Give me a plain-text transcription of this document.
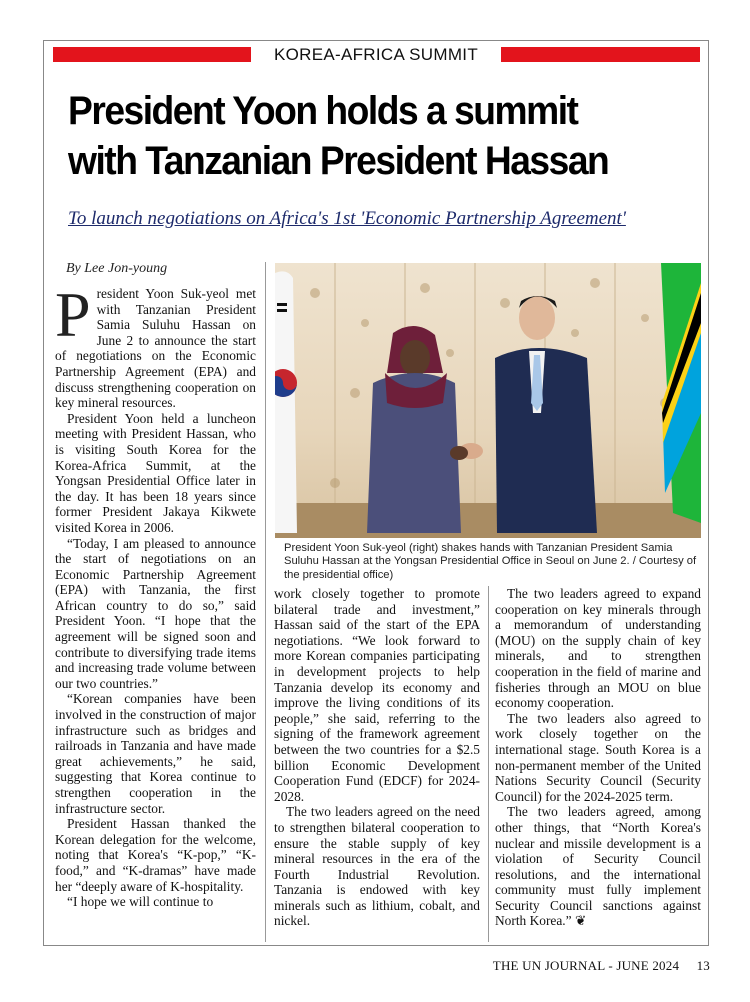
KOREA-AFRICA SUMMIT
President Yoon holds a summit
with Tanzanian President Hassan
To launch negotiations on Africa's 1st 'Economic Partnership Agreement'
By Lee Jon-young

President Yoon Suk-yeol met with Tanzanian President Samia Suluhu Hassan on June 2 to announce the start of negotiations on the Economic Partnership Agreement (EPA) and discuss strengthening cooperation on key mineral resources.

President Yoon held a luncheon meeting with President Hassan, who is visiting South Korea for the Korea-Africa Summit, at the Yongsan Presidential Office later in the day. It has been 18 years since former President Jakaya Kikwete visited Korea in 2006.

“Today, I am pleased to announce the start of negotiations on an Economic Partnership Agreement (EPA) with Tanzania, the first African country to do so,” said President Yoon. “I hope that the agreement will be signed soon and contribute to diversifying trade items and increasing trade volume between our two countries.”

“Korean companies have been involved in the construction of major infrastructure such as bridges and railroads in Tanzania and have made great achievements,” he said, suggesting that Korea continue to strengthen cooperation in the infrastructure sector.

President Hassan thanked the Korean delegation for the welcome, noting that Korea's “K-pop,” “K-food,” and “K-dramas” have made her “deeply aware of K-hospitality.

“I hope we will continue to

President Yoon Suk-yeol (right) shakes hands with Tanzanian President Samia Suluhu Hassan at the Yongsan Presidential Office in Seoul on June 2. / Courtesy of the presidential office)

work closely together to promote bilateral trade and investment,” Hassan said of the start of the EPA negotiations. “We look forward to more Korean companies participating in development projects to help Tanzania develop its economy and improve the living conditions of its people,” she said, referring to the signing of the framework agreement between the two countries for a $2.5 billion Economic Development Cooperation Fund (EDCF) for 2024-2028.

The two leaders agreed on the need to strengthen bilateral cooperation to ensure the stable supply of key mineral resources in the era of the Fourth Industrial Revolution. Tanzania is endowed with key minerals such as lithium, cobalt, and nickel.

The two leaders agreed to expand cooperation on key minerals through a memorandum of understanding (MOU) on the supply chain of key minerals, and to strengthen cooperation in the field of marine and fisheries through an MOU on blue economy cooperation.

The two leaders also agreed to work closely together on the international stage. South Korea is a non-permanent member of the United Nations Security Council (Security Council) for the 2024-2025 term.

The two leaders agreed, among other things, that “North Korea's nuclear and missile development is a violation of Security Council resolutions, and the international community must fully implement Security Council sanctions against North Korea.” ❦

THE UN JOURNAL - JUNE 2024 13
